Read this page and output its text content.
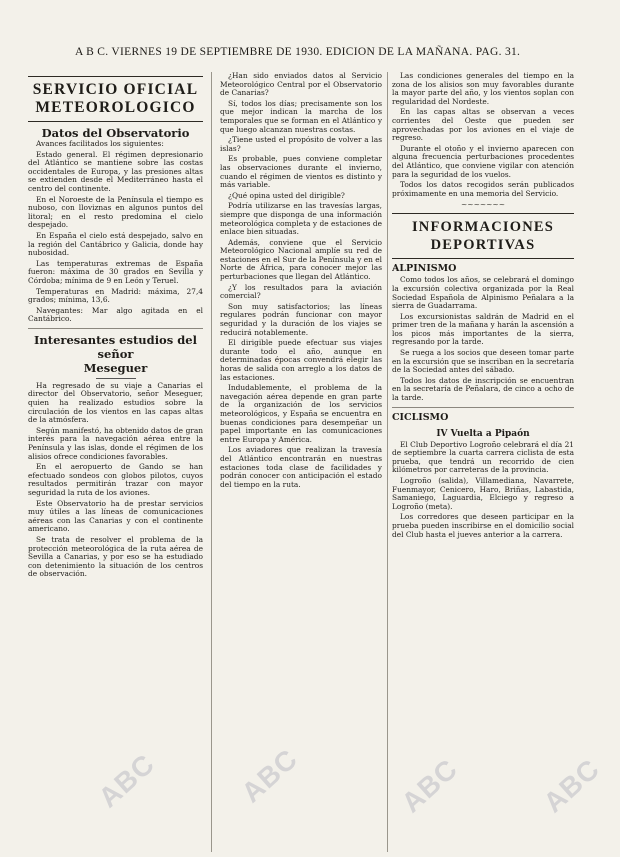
A B C. VIERNES 19 DE SEPTIEMBRE DE 1930. EDICION DE LA MAÑANA. PAG. 31.
SERVICIO OFICIAL
METEOROLOGICO
Datos del Observatorio

Avances facilitados los siguientes:

Estado general. El régimen depresionario del Atlántico se mantiene sobre las costas occidentales de Europa, y las presiones altas se extienden desde el Mediterráneo hasta el centro del continente.

En el Noroeste de la Península el tiempo es nuboso, con lloviznas en algunos puntos del litoral; en el resto predomina el cielo despejado.

En España el cielo está despejado, salvo en la región del Cantábrico y Galicia, donde hay nubosidad.

Las temperaturas extremas de España fueron: máxima de 30 grados en Sevilla y Córdoba; mínima de 9 en León y Teruel.

Temperaturas en Madrid: máxima, 27,4 grados; mínima, 13,6.

Navegantes: Mar algo agitada en el Cantábrico.

Interesantes estudios del señor
Meseguer

Ha regresado de su viaje a Canarias el director del Observatorio, señor Meseguer, quien ha realizado estudios sobre la circulación de los vientos en las capas altas de la atmósfera.

Según manifestó, ha obtenido datos de gran interés para la navegación aérea entre la Península y las islas, donde el régimen de los alisios ofrece condiciones favorables.

En el aeropuerto de Gando se han efectuado sondeos con globos pilotos, cuyos resultados permitirán trazar con mayor seguridad la ruta de los aviones.

Este Observatorio ha de prestar servicios muy útiles a las líneas de comunicaciones aéreas con las Canarias y con el continente americano.

Se trata de resolver el problema de la protección meteorológica de la ruta aérea de Sevilla a Canarias, y por eso se ha estudiado con detenimiento la situación de los centros de observación.

¿Han sido enviados datos al Servicio Meteorológico Central por el Observatorio de Canarias?

Sí, todos los días; precisamente son los que mejor indican la marcha de los temporales que se forman en el Atlántico y que luego alcanzan nuestras costas.

¿Tiene usted el propósito de volver a las islas?

Es probable, pues conviene completar las observaciones durante el invierno, cuando el régimen de vientos es distinto y más variable.

¿Qué opina usted del dirigible?

Podría utilizarse en las travesías largas, siempre que disponga de una información meteorológica completa y de estaciones de enlace bien situadas.

Además, conviene que el Servicio Meteorológico Nacional amplíe su red de estaciones en el Sur de la Península y en el Norte de África, para conocer mejor las perturbaciones que llegan del Atlántico.

¿Y los resultados para la aviación comercial?

Son muy satisfactorios; las líneas regulares podrán funcionar con mayor seguridad y la duración de los viajes se reducirá notablemente.

El dirigible puede efectuar sus viajes durante todo el año, aunque en determinadas épocas convendrá elegir las horas de salida con arreglo a los datos de las estaciones.

Indudablemente, el problema de la navegación aérea depende en gran parte de la organización de los servicios meteorológicos, y España se encuentra en buenas condiciones para desempeñar un papel importante en las comunicaciones entre Europa y América.

Los aviadores que realizan la travesía del Atlántico encontrarán en nuestras estaciones toda clase de facilidades y podrán conocer con anticipación el estado del tiempo en la ruta.

Las condiciones generales del tiempo en la zona de los alisios son muy favorables durante la mayor parte del año, y los vientos soplan con regularidad del Nordeste.

En las capas altas se observan a veces corrientes del Oeste que pueden ser aprovechadas por los aviones en el viaje de regreso.

Durante el otoño y el invierno aparecen con alguna frecuencia perturbaciones procedentes del Atlántico, que conviene vigilar con atención para la seguridad de los vuelos.

Todos los datos recogidos serán publicados próximamente en una memoria del Servicio.

~~~~~~~
INFORMACIONES
DEPORTIVAS
ALPINISMO

Como todos los años, se celebrará el domingo la excursión colectiva organizada por la Real Sociedad Española de Alpinismo Peñalara a la sierra de Guadarrama.

Los excursionistas saldrán de Madrid en el primer tren de la mañana y harán la ascensión a los picos más importantes de la sierra, regresando por la tarde.

Se ruega a los socios que deseen tomar parte en la excursión que se inscriban en la secretaría de la Sociedad antes del sábado.

Todos los datos de inscripción se encuentran en la secretaría de Peñalara, de cinco a ocho de la tarde.

CICLISMO
IV Vuelta a Pipaón

El Club Deportivo Logroño celebrará el día 21 de septiembre la cuarta carrera ciclista de esta prueba, que tendrá un recorrido de cien kilómetros por carreteras de la provincia.

Logroño (salida), Villamediana, Navarrete, Fuenmayor, Cenicero, Haro, Briñas, Labastida, Samaniego, Laguardia, Elciego y regreso a Logroño (meta).

Los corredores que deseen participar en la prueba pueden inscribirse en el domicilio social del Club hasta el jueves anterior a la carrera.

ABC	ABC	ABC	ABC
